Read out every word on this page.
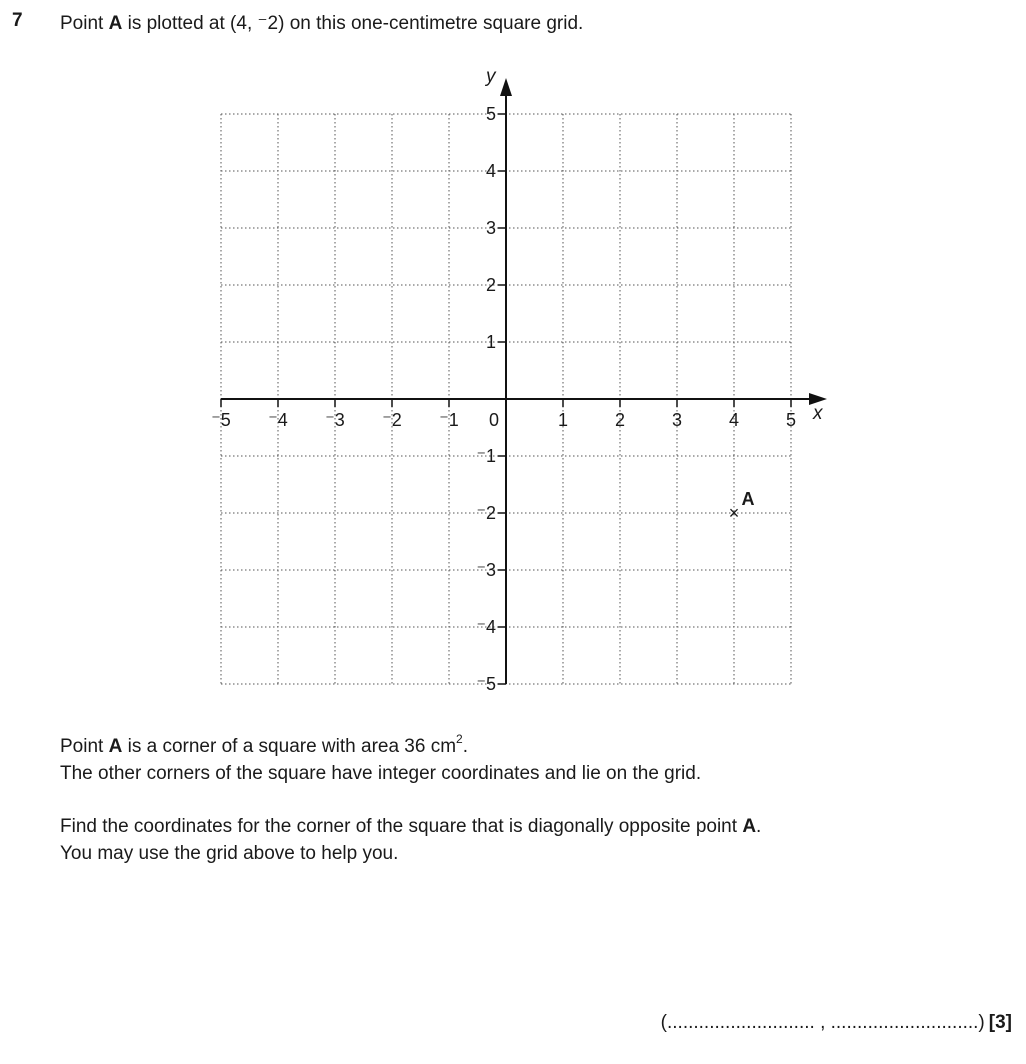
7 Point A is plotted at (4, ⁻2) on this one-centimetre square grid.
x
y
⁻5 ⁻4 ⁻3 ⁻2 ⁻1	1	2	3	4	5
5
4
3
2
1
⁻1
⁻2
⁻3
⁻4
⁻5
0
×
A
Point A is a corner of a square with area 36 $cm^2$.
The other corners of the square have integer coordinates and lie on the grid.
Find the coordinates for the corner of the square that is diagonally opposite point A.
You may use the grid above to help you.
(............................ , ............................) [3]
